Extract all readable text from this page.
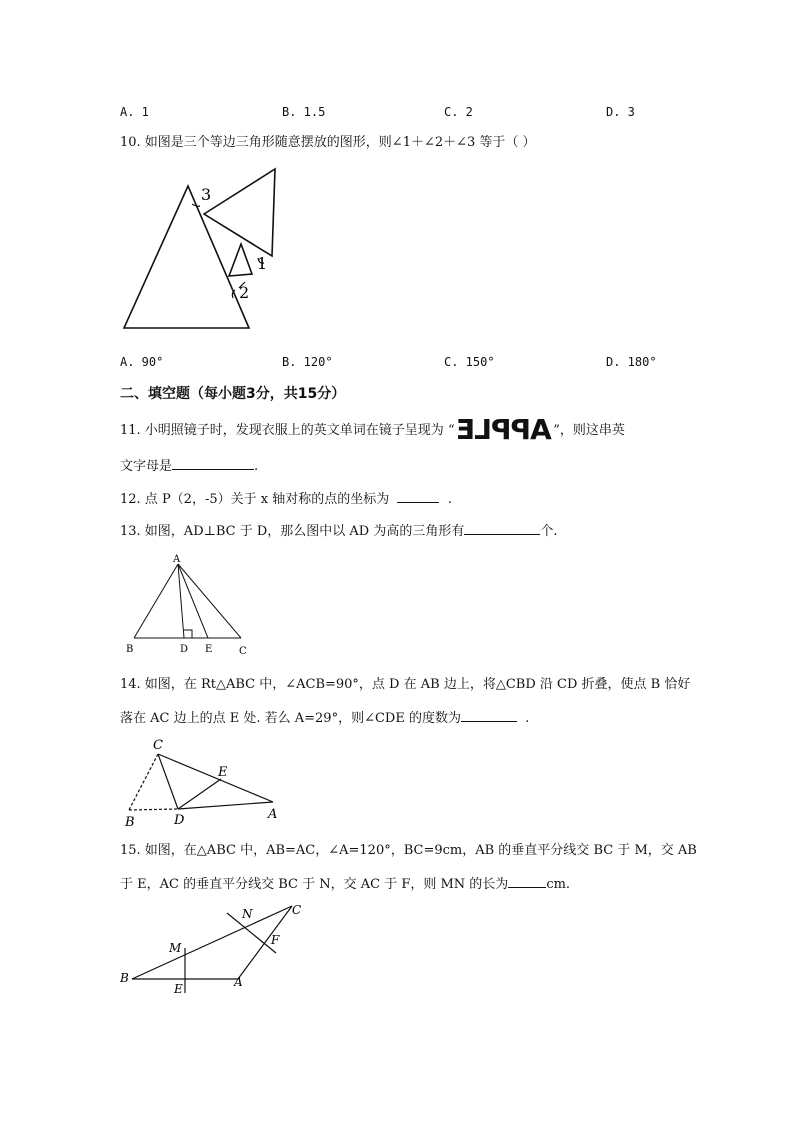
A. 1	B. 1.5	C. 2	D. 3
10. 如图是三个等边三角形随意摆放的图形，则∠1＋∠2＋∠3 等于（ ）
3
1
2
A. 90°	B. 120°	C. 150°	D. 180°
二、填空题（每小题3分，共15分）
11. 小明照镜子时，发现衣服上的英文单词在镜子呈现为 “APPLE ”，则这串英
文字母是	.
12. 点 P（2，-5）关于 x 轴对称的点的坐标为	.
13. 如图，AD⊥BC 于 D，那么图中以 AD 为高的三角形有	个.
A
B	D E	C
14. 如图，在 Rt△ABC 中，∠ACB=90°，点 D 在 AB 边上，将△CBD 沿 CD 折叠，使点 B 恰好
落在 AC 边上的点 E 处. 若么 A=29°，则∠CDE 的度数为	.
C
E
A
B	D
15. 如图，在△ABC 中，AB=AC，∠A=120°，BC=9cm，AB 的垂直平分线交 BC 于 M，交 AB
于 E，AC 的垂直平分线交 BC 于 N，交 AC 于 F，则 MN 的长为	cm.
N	C
M
F
B
E	A
